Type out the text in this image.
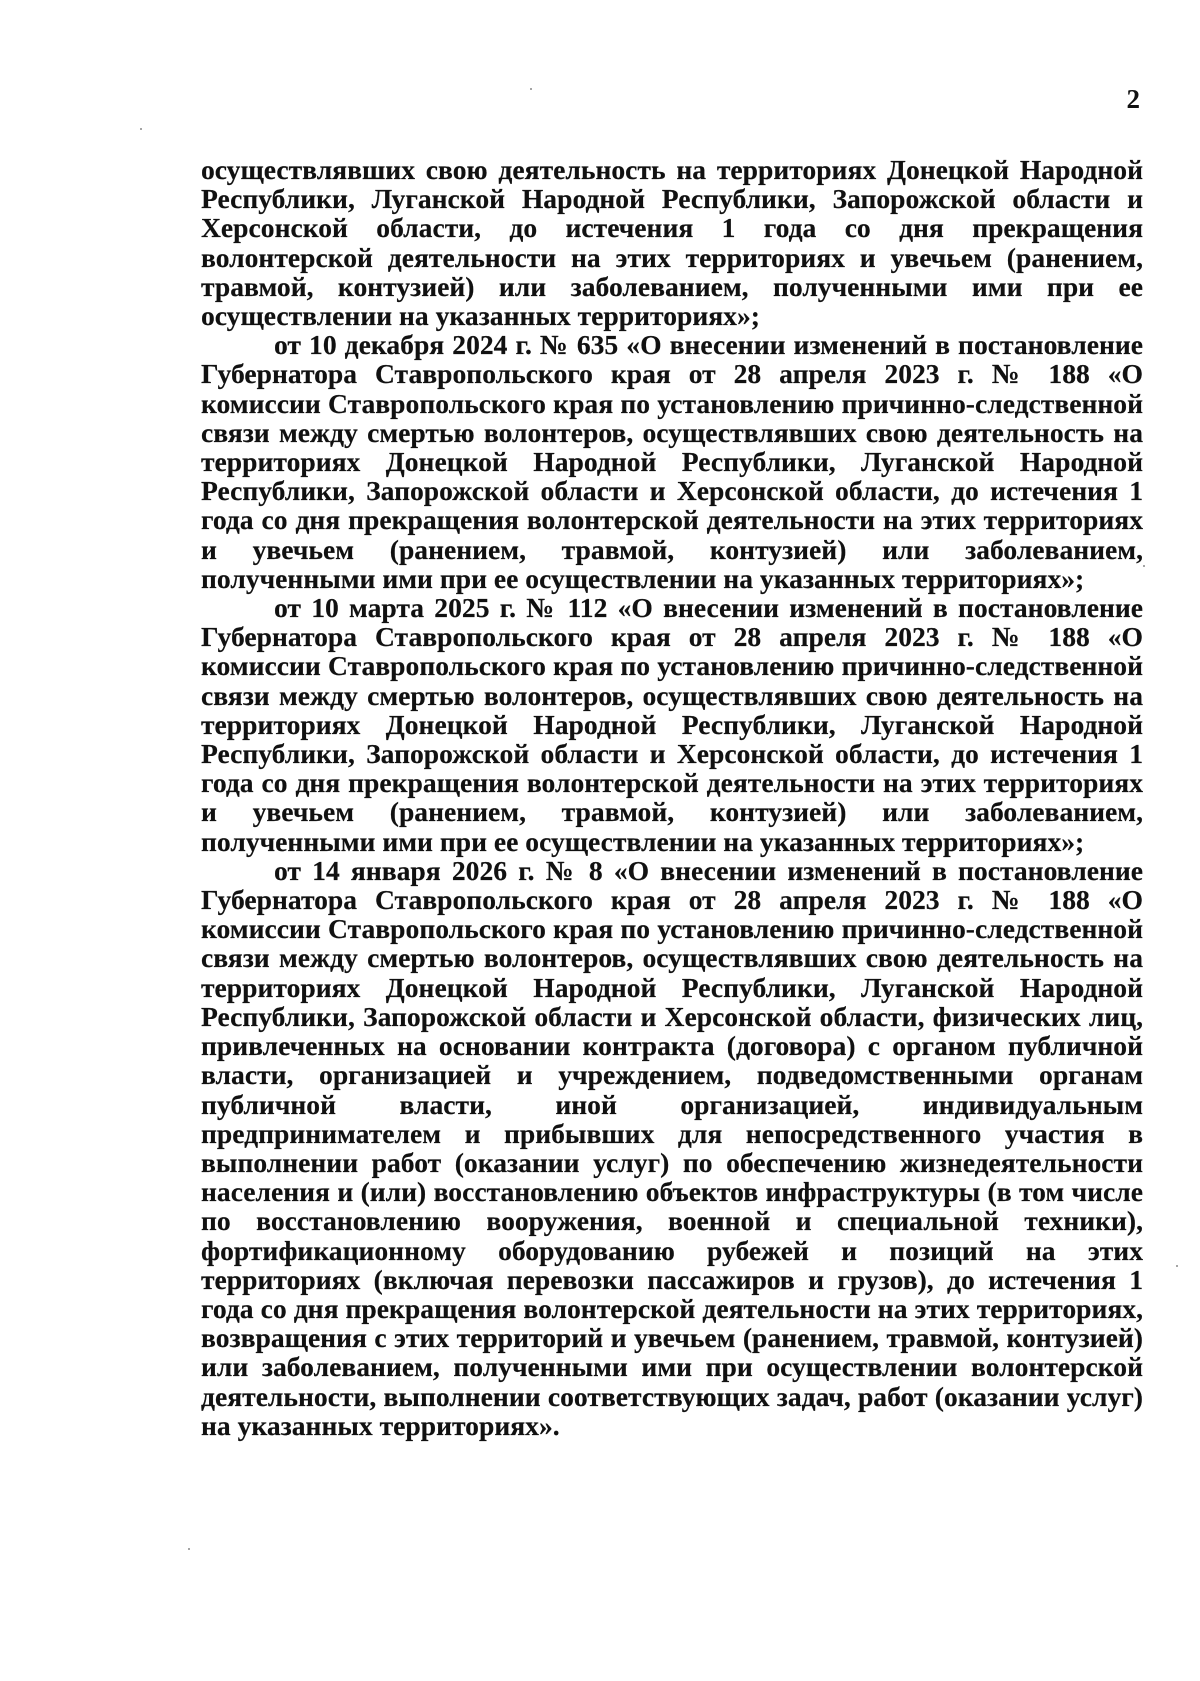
2

осуществлявших свою деятельность на территориях Донецкой Народной Республики, Луганской Народной Республики, Запорожской области и Херсонской области, до истечения 1 года со дня прекращения волонтерской деятельности на этих территориях и увечьем (ранением, травмой, контузией) или заболеванием, полученными ими при ее осуществлении на указанных территориях»;

от 10 декабря 2024 г. № 635 «О внесении изменений в постановление Губернатора Ставропольского края от 28 апреля 2023 г. № 188 «О комиссии Ставропольского края по установлению причинно-следственной связи между смертью волонтеров, осуществлявших свою деятельность на территориях Донецкой Народной Республики, Луганской Народной Республики, Запорожской области и Херсонской области, до истечения 1 года со дня прекращения волонтерской деятельности на этих территориях и увечьем (ранением, травмой, контузией) или заболеванием, полученными ими при ее осуществлении на указанных территориях»;

от 10 марта 2025 г. № 112 «О внесении изменений в постановление Губернатора Ставропольского края от 28 апреля 2023 г. № 188 «О комиссии Ставропольского края по установлению причинно-следственной связи между смертью волонтеров, осуществлявших свою деятельность на территориях Донецкой Народной Республики, Луганской Народной Республики, Запорожской области и Херсонской области, до истечения 1 года со дня прекращения волонтерской деятельности на этих территориях и увечьем (ранением, травмой, контузией) или заболеванием, полученными ими при ее осуществлении на указанных территориях»;

от 14 января 2026 г. № 8 «О внесении изменений в постановление Губернатора Ставропольского края от 28 апреля 2023 г. № 188 «О комиссии Ставропольского края по установлению причинно-следственной связи между смертью волонтеров, осуществлявших свою деятельность на территориях Донецкой Народной Республики, Луганской Народной Республики, Запорожской области и Херсонской области, физических лиц, привлеченных на основании контракта (договора) с органом публичной власти, организацией и учреждением, подведомственными органам публичной власти, иной организацией, индивидуальным предпринимателем и прибывших для непосредственного участия в выполнении работ (оказании услуг) по обеспечению жизнедеятельности населения и (или) восстановлению объектов инфраструктуры (в том числе по восстановлению вооружения, военной и специальной техники), фортификационному оборудованию рубежей и позиций на этих территориях (включая перевозки пассажиров и грузов), до истечения 1 года со дня прекращения волонтерской деятельности на этих территориях, возвращения с этих территорий и увечьем (ранением, травмой, контузией) или заболеванием, полученными ими при осуществлении волонтерской деятельности, выполнении соответствующих задач, работ (оказании услуг) на указанных территориях».
